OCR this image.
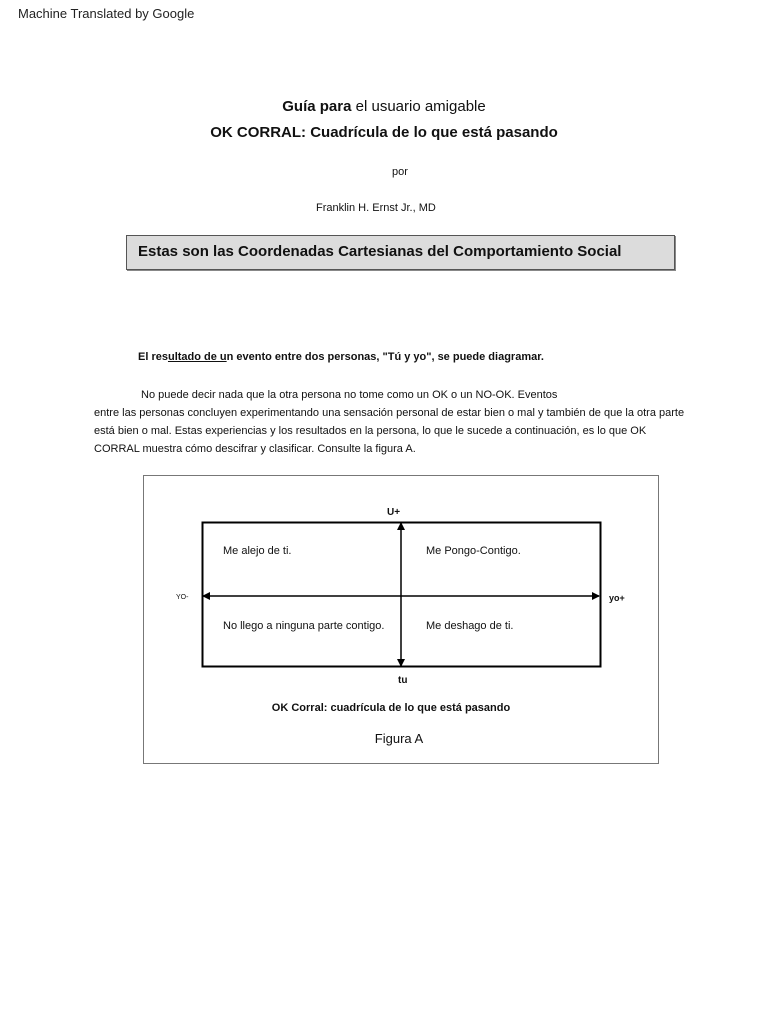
Machine Translated by Google
Guía para el usuario amigable
OK CORRAL: Cuadrícula de lo que está pasando
por
Franklin H. Ernst Jr., MD
Estas son las Coordenadas Cartesianas del Comportamiento Social
El resultado de un evento entre dos personas, "Tú y yo", se puede diagramar.
No puede decir nada que la otra persona no tome como un OK o un NO-OK. Eventos
entre las personas concluyen experimentando una sensación personal de estar bien o mal y también de que la otra parte
está bien o mal. Estas experiencias y los resultados en la persona, lo que le sucede a continuación, es lo que OK
CORRAL muestra cómo descifrar y clasificar. Consulte la figura A.
U+
tu
YO-	yo+
Me alejo de ti.	Me Pongo-Contigo.
No llego a ninguna parte contigo.	Me deshago de ti.
OK Corral: cuadrícula de lo que está pasando
Figura A
